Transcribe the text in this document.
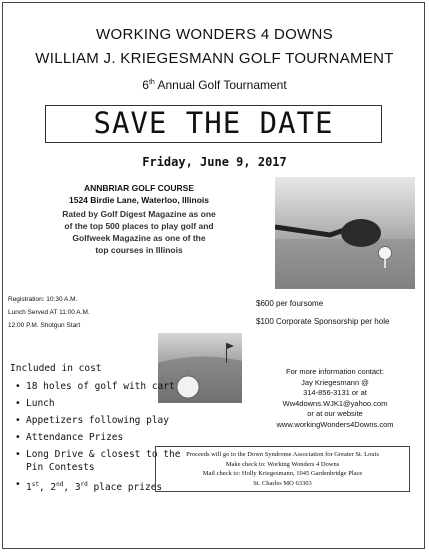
WORKING WONDERS 4 DOWNS
WILLIAM J. KRIEGESMANN GOLF TOURNAMENT
6th Annual Golf Tournament
SAVE THE DATE
Friday, June 9, 2017
ANNBRIAR GOLF COURSE
1524 Birdie Lane, Waterloo, Illinois
Rated by Golf Digest Magazine as one
of the top 500 places to play golf and
Golfweek Magazine as one of the
top courses in Illinois
Registration: 10:30 A.M.
Lunch Served AT 11:00 A.M.
12:00 P.M. Shotgun Start
$600 per foursome
$100 Corporate Sponsorship per hole
Included in cost
• 18 holes of golf with cart
• Lunch
• Appetizers following play
• Attendance Prizes
• Long Drive & closest to the Pin Contests
• 1st, 2nd, 3rd place prizes
For more information contact:
Jay Kriegesmann @
314-856-3131 or at
Ww4downs.WJK1@yahoo.com
or at our website
www.workingWonders4Downs.com
Proceeds will go to the Down Syndrome Association for Greater St. Louis
Make check to: Working Wonders 4 Downs
Mail check to: Holly Kriegesmann, 1045 Gardenbridge Place
St. Charles MO 63303
